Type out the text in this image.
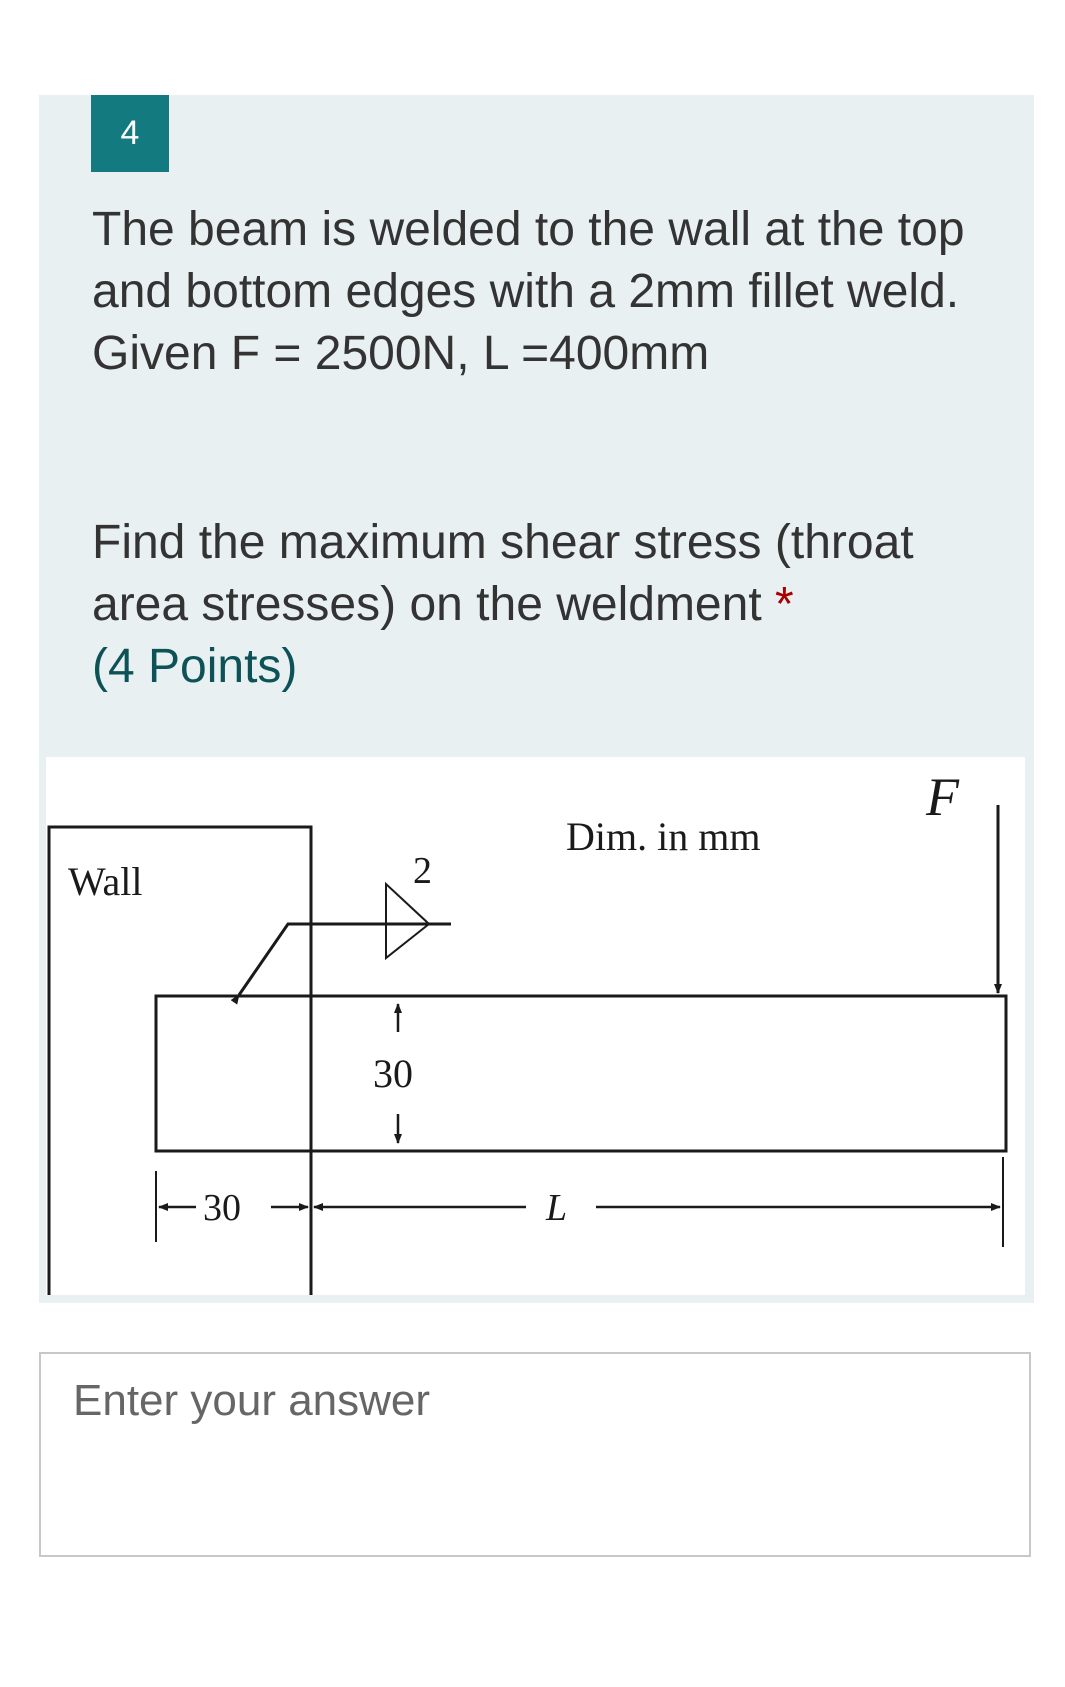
4

The beam is welded to the wall at the top and bottom edges with a 2mm fillet weld.

Given F = 2500N, L =400mm

Find the maximum shear stress (throat area stresses) on the weldment *

(4 Points)

Wall	2
30
30	L
F
Dim. in mm
Enter your answer
